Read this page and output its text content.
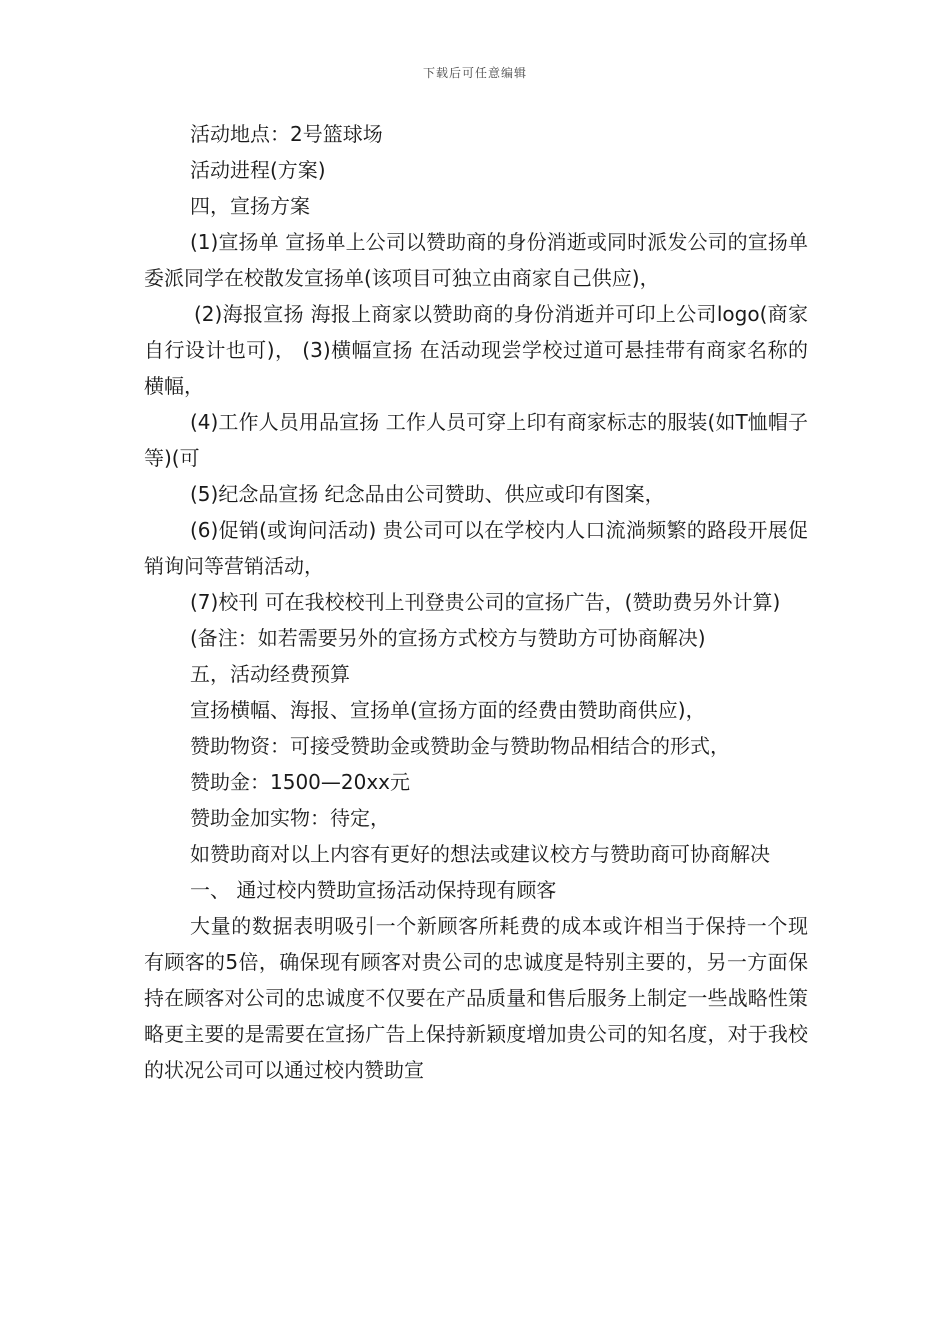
下载后可任意编辑

活动地点：2号篮球场

活动进程(方案)

四，宣扬方案

(1)宣扬单 宣扬单上公司以赞助商的身份消逝或同时派发公司的宣扬单委派同学在校散发宣扬单(该项目可独立由商家自己供应)，

(2)海报宣扬 海报上商家以赞助商的身份消逝并可印上公司logo(商家自行设计也可)， (3)横幅宣扬 在活动现尝学校过道可悬挂带有商家名称的横幅，

(4)工作人员用品宣扬 工作人员可穿上印有商家标志的服装(如T恤帽子等)(可

(5)纪念品宣扬 纪念品由公司赞助、供应或印有图案，

(6)促销(或询问活动) 贵公司可以在学校内人口流淌频繁的路段开展促销询问等营销活动，

(7)校刊 可在我校校刊上刊登贵公司的宣扬广告，(赞助费另外计算)

(备注：如若需要另外的宣扬方式校方与赞助方可协商解决)

五，活动经费预算

宣扬横幅、海报、宣扬单(宣扬方面的经费由赞助商供应)，

赞助物资：可接受赞助金或赞助金与赞助物品相结合的形式，

赞助金：1500—20xx元

赞助金加实物：待定，

如赞助商对以上内容有更好的想法或建议校方与赞助商可协商解决

一、 通过校内赞助宣扬活动保持现有顾客

大量的数据表明吸引一个新顾客所耗费的成本或许相当于保持一个现有顾客的5倍，确保现有顾客对贵公司的忠诚度是特别主要的，另一方面保持在顾客对公司的忠诚度不仅要在产品质量和售后服务上制定一些战略性策略更主要的是需要在宣扬广告上保持新颖度增加贵公司的知名度，对于我校的状况公司可以通过校内赞助宣
